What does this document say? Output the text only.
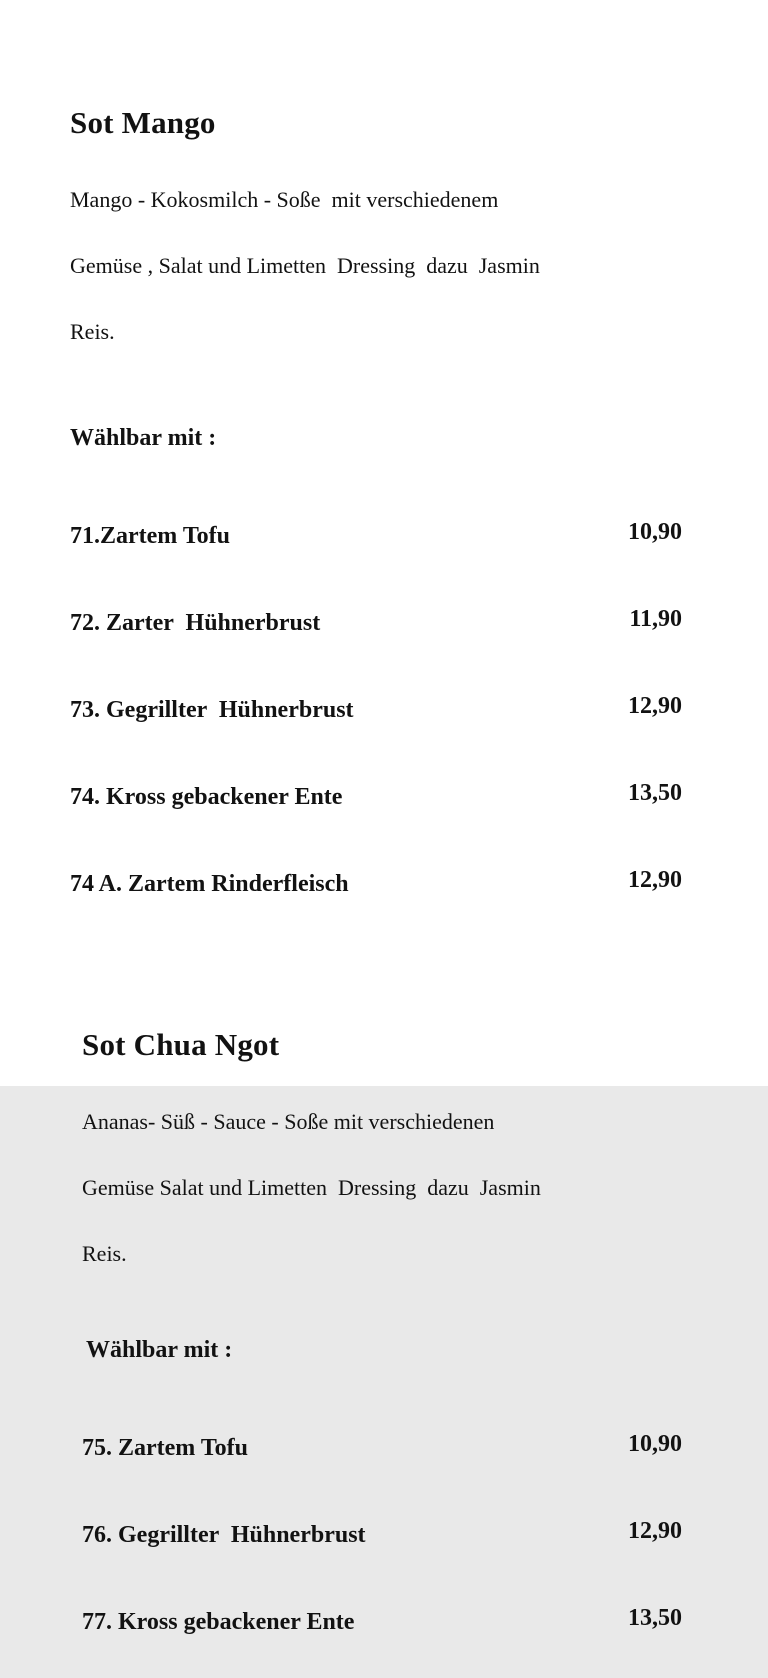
Sot Mango

Mango - Kokosmilch - Soße  mit verschiedenem

Gemüse , Salat und Limetten  Dressing  dazu  Jasmin

Reis.

Wählbar mit :

71.Zartem Tofu	10,90

72. Zarter  Hühnerbrust	11,90

73. Gegrillter  Hühnerbrust	12,90

74. Kross gebackener Ente	13,50

74 A. Zartem Rinderfleisch	12,90

Sot Chua Ngot

Ananas- Süß - Sauce - Soße mit verschiedenen

Gemüse Salat und Limetten  Dressing  dazu  Jasmin

Reis.

Wählbar mit :

75. Zartem Tofu	10,90

76. Gegrillter  Hühnerbrust	12,90

77. Kross gebackener Ente	13,50
